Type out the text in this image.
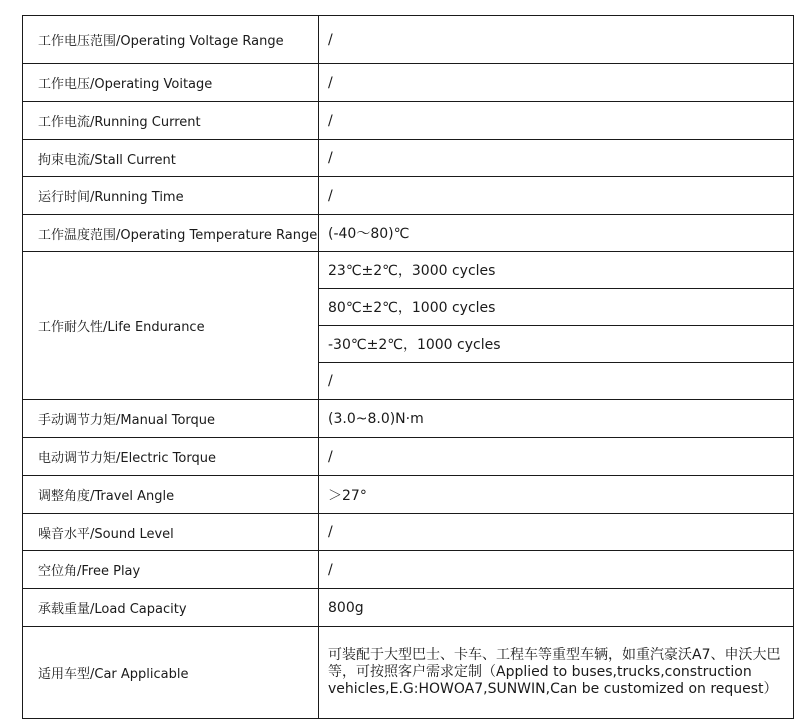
工作电压范围/Operating Voltage Range	/
工作电压/Operating Voitage	/
工作电流/Running Current	/
拘束电流/Stall Current	/
运行时间/Running Time	/
工作温度范围/Operating Temperature Range	(-40～80)℃
工作耐久性/Life Endurance	23℃±2℃，3000 cycles
	80℃±2℃，1000 cycles
	-30℃±2℃，1000 cycles
	/
手动调节力矩/Manual Torque	(3.0~8.0)N·m
电动调节力矩/Electric Torque	/
调整角度/Travel Angle	＞27°
噪音水平/Sound Level	/
空位角/Free Play	/
承载重量/Load Capacity	800g
适用车型/Car Applicable	可装配于大型巴士、卡车、工程车等重型车辆，如重汽豪沃A7、申沃大巴等，可按照客户需求定制（Applied to buses,trucks,construction vehicles,E.G:HOWOA7,SUNWIN,Can be customized on request）
